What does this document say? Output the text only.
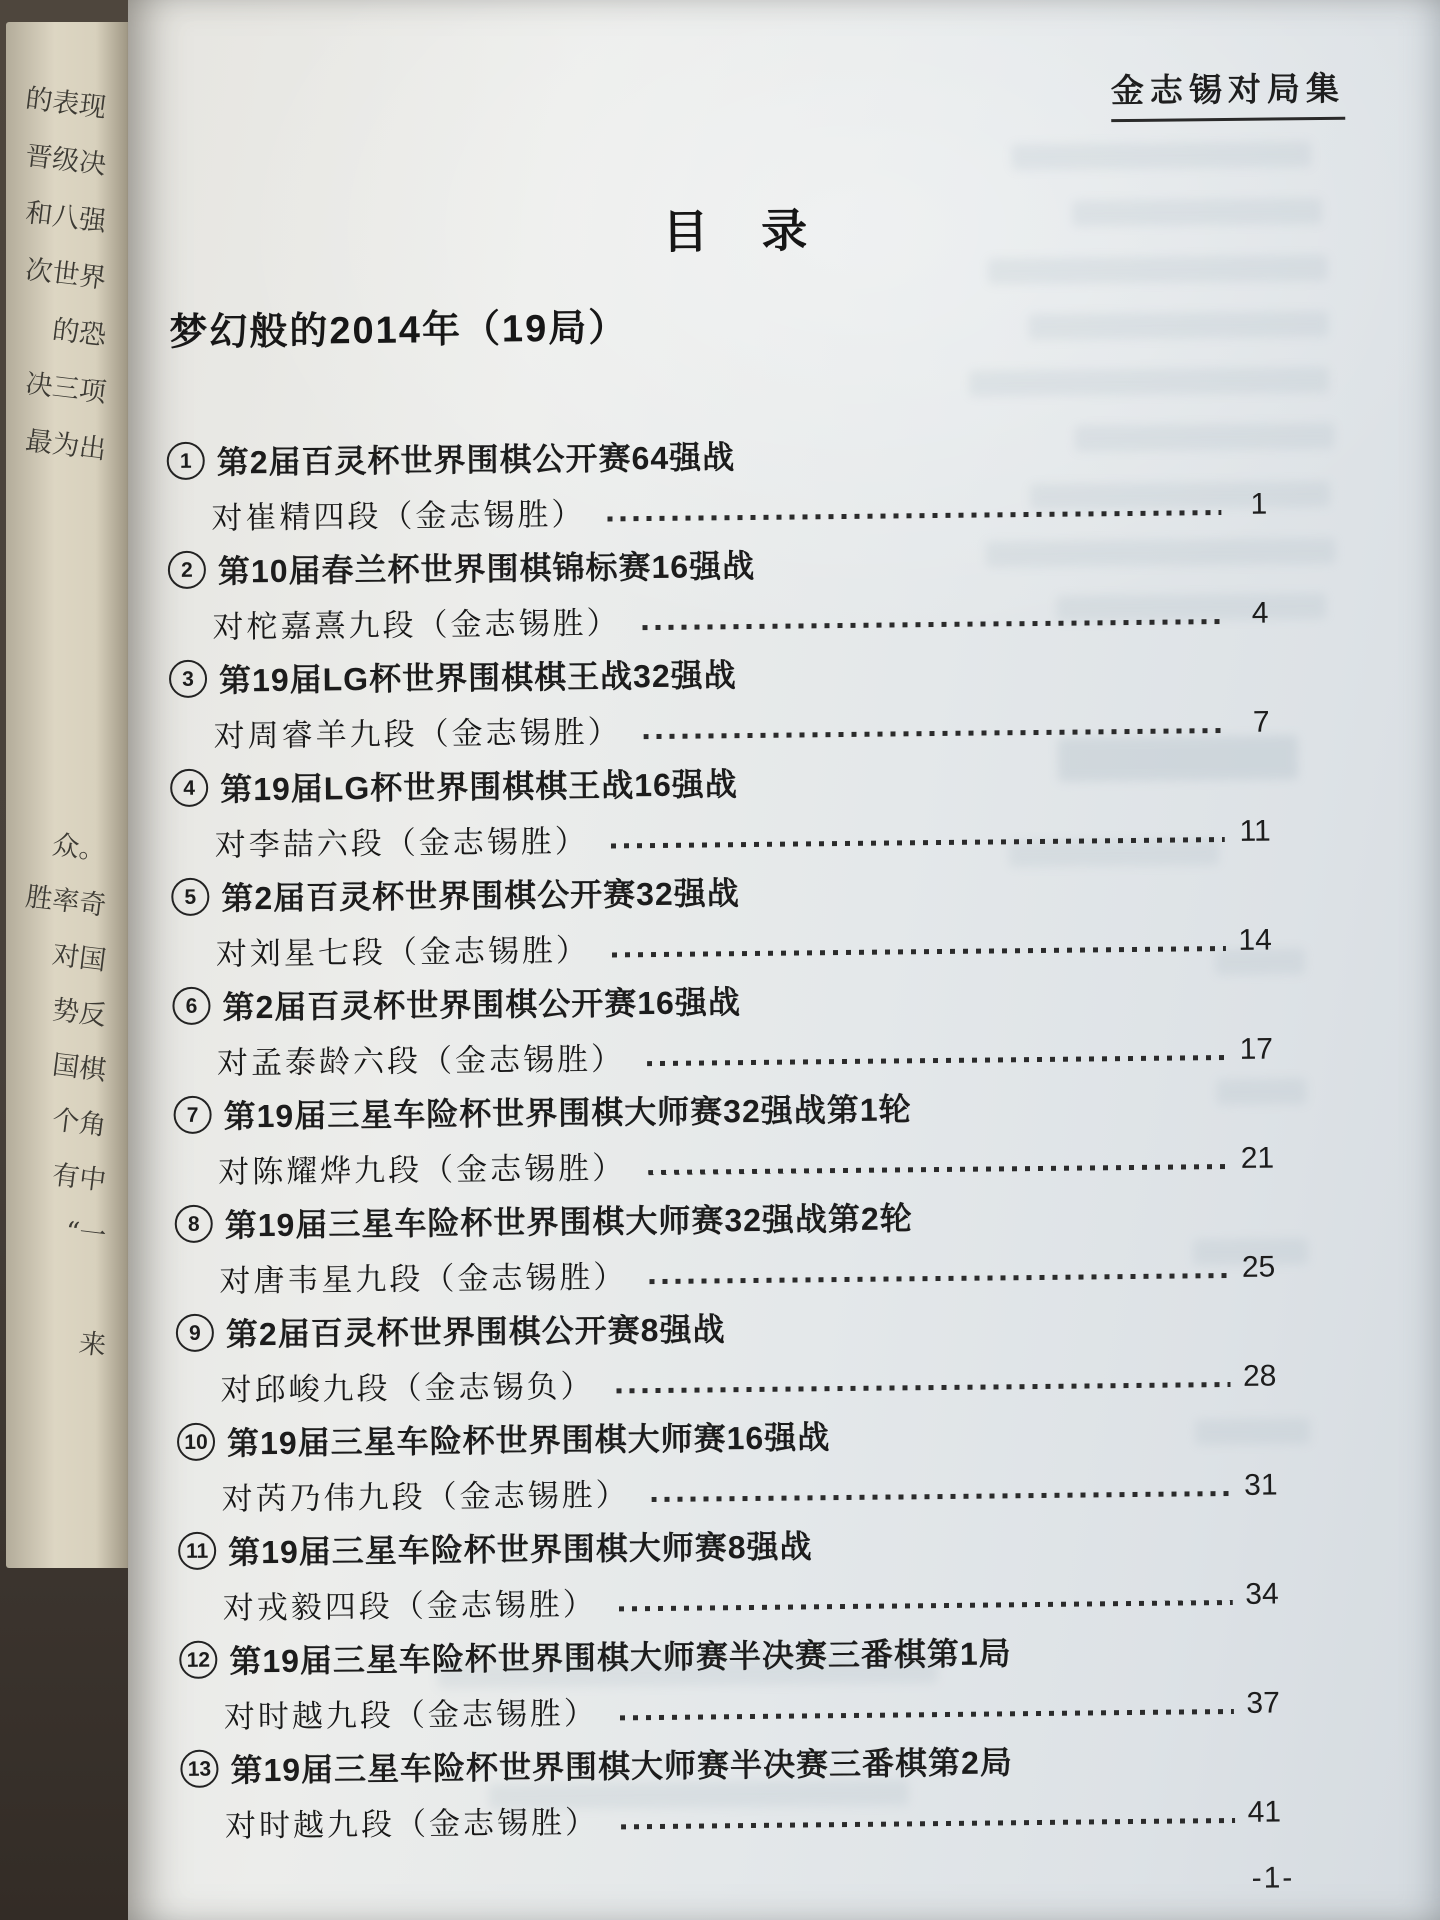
的表现
晋级决
和八强
次世界
的恐
决三项
最为出
众。
胜率奇
对国
势反
国棋
个角
有中
“一
来
金志锡对局集
目 录
梦幻般的2014年（19局）
1 第2届百灵杯世界围棋公开赛64强战
对崔精四段（金志锡胜）	1
2 第10届春兰杯世界围棋锦标赛16强战
对柁嘉熹九段（金志锡胜）	4
3 第19届LG杯世界围棋棋王战32强战
对周睿羊九段（金志锡胜）	7
4 第19届LG杯世界围棋棋王战16强战
对李喆六段（金志锡胜）	11
5 第2届百灵杯世界围棋公开赛32强战
对刘星七段（金志锡胜）	14
6 第2届百灵杯世界围棋公开赛16强战
对孟泰龄六段（金志锡胜）	17
7 第19届三星车险杯世界围棋大师赛32强战第1轮
对陈耀烨九段（金志锡胜）	21
8 第19届三星车险杯世界围棋大师赛32强战第2轮
对唐韦星九段（金志锡胜）	25
9 第2届百灵杯世界围棋公开赛8强战
对邱峻九段（金志锡负）	28
10 第19届三星车险杯世界围棋大师赛16强战
对芮乃伟九段（金志锡胜）	31
11 第19届三星车险杯世界围棋大师赛8强战
对戎毅四段（金志锡胜）	34
12 第19届三星车险杯世界围棋大师赛半决赛三番棋第1局
对时越九段（金志锡胜）	37
13 第19届三星车险杯世界围棋大师赛半决赛三番棋第2局
对时越九段（金志锡胜）	41
-1-
